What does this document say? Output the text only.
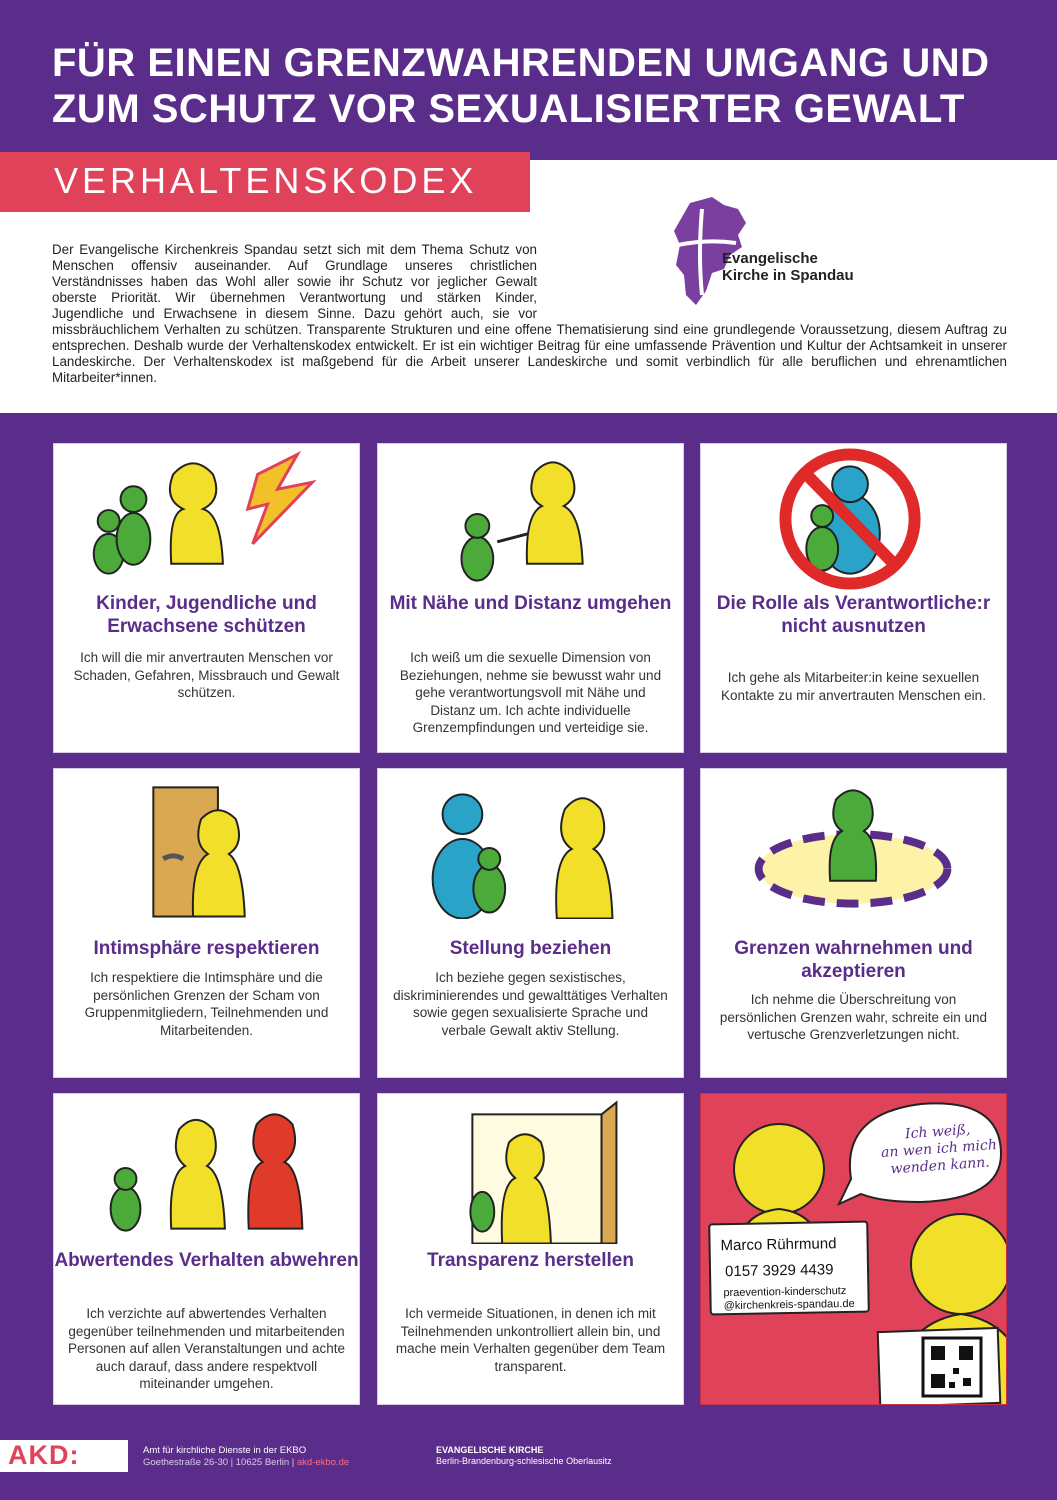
FÜR EINEN GRENZWAHRENDEN UMGANG UND
ZUM SCHUTZ VOR SEXUALISIERTER GEWALT
VERHALTENSKODEX
Der Evangelische Kirchenkreis Spandau setzt sich mit dem Thema Schutz von Menschen offensiv auseinander. Auf Grundlage unseres christlichen Verständnisses haben das Wohl aller sowie ihr Schutz vor jeglicher Gewalt oberste Priorität. Wir übernehmen Verantwortung und stärken Kinder, Jugendliche und Erwachsene in diesem Sinne. Dazu gehört auch, sie vor missbräuchlichem Verhalten zu schützen. Transparente Strukturen und eine offene Thematisierung sind eine grundlegende Voraussetzung, diesem Auftrag zu entsprechen. Deshalb wurde der Verhaltenskodex entwickelt. Er ist ein wichtiger Beitrag für eine umfassende Prävention und Kultur der Achtsamkeit in unserer Landeskirche. Der Verhaltenskodex ist maßgebend für die Arbeit unserer Landeskirche und somit verbindlich für alle beruflichen und ehrenamtlichen Mitarbeiter*innen.
Evangelische
Kirche in Spandau
Kinder, Jugendliche und Erwachsene schützen
Ich will die mir anvertrauten Menschen vor Schaden, Gefahren, Missbrauch und Gewalt schützen.
Mit Nähe und Distanz umgehen
Ich weiß um die sexuelle Dimension von Beziehungen, nehme sie bewusst wahr und gehe verantwortungsvoll mit Nähe und Distanz um. Ich achte individuelle Grenzempfindungen und verteidige sie.
Die Rolle als Verantwortliche:r nicht ausnutzen
Ich gehe als Mitarbeiter:in keine sexuellen Kontakte zu mir anvertrauten Menschen ein.
Intimsphäre respektieren
Ich respektiere die Intimsphäre und die persönlichen Grenzen der Scham von Gruppenmitgliedern, Teilnehmenden und Mitarbeitenden.
Stellung beziehen
Ich beziehe gegen sexistisches, diskriminierendes und gewalttätiges Verhalten sowie gegen sexualisierte Sprache und verbale Gewalt aktiv Stellung.
Grenzen wahrnehmen und akzeptieren
Ich nehme die Überschreitung von persönlichen Grenzen wahr, schreite ein und vertusche Grenzverletzungen nicht.
Abwertendes Verhalten abwehren
Ich verzichte auf abwertendes Verhalten gegenüber teilnehmenden und mitarbeitenden Personen auf allen Veranstaltungen und achte auch darauf, dass andere respektvoll miteinander umgehen.
Transparenz herstellen
Ich vermeide Situationen, in denen ich mit Teilnehmenden unkontrolliert allein bin, und mache mein Verhalten gegenüber dem Team transparent.
Ich weiß,
an wen ich mich
wenden kann.
Marco Rührmund
0157 3929 4439
praevention-kinderschutz
@kirchenkreis-spandau.de
AKD:	Amt für kirchliche Dienste in der EKBO
Goethestraße 26-30 | 10625 Berlin | akd-ekbo.de
EVANGELISCHE KIRCHE
Berlin-Brandenburg-schlesische Oberlausitz
